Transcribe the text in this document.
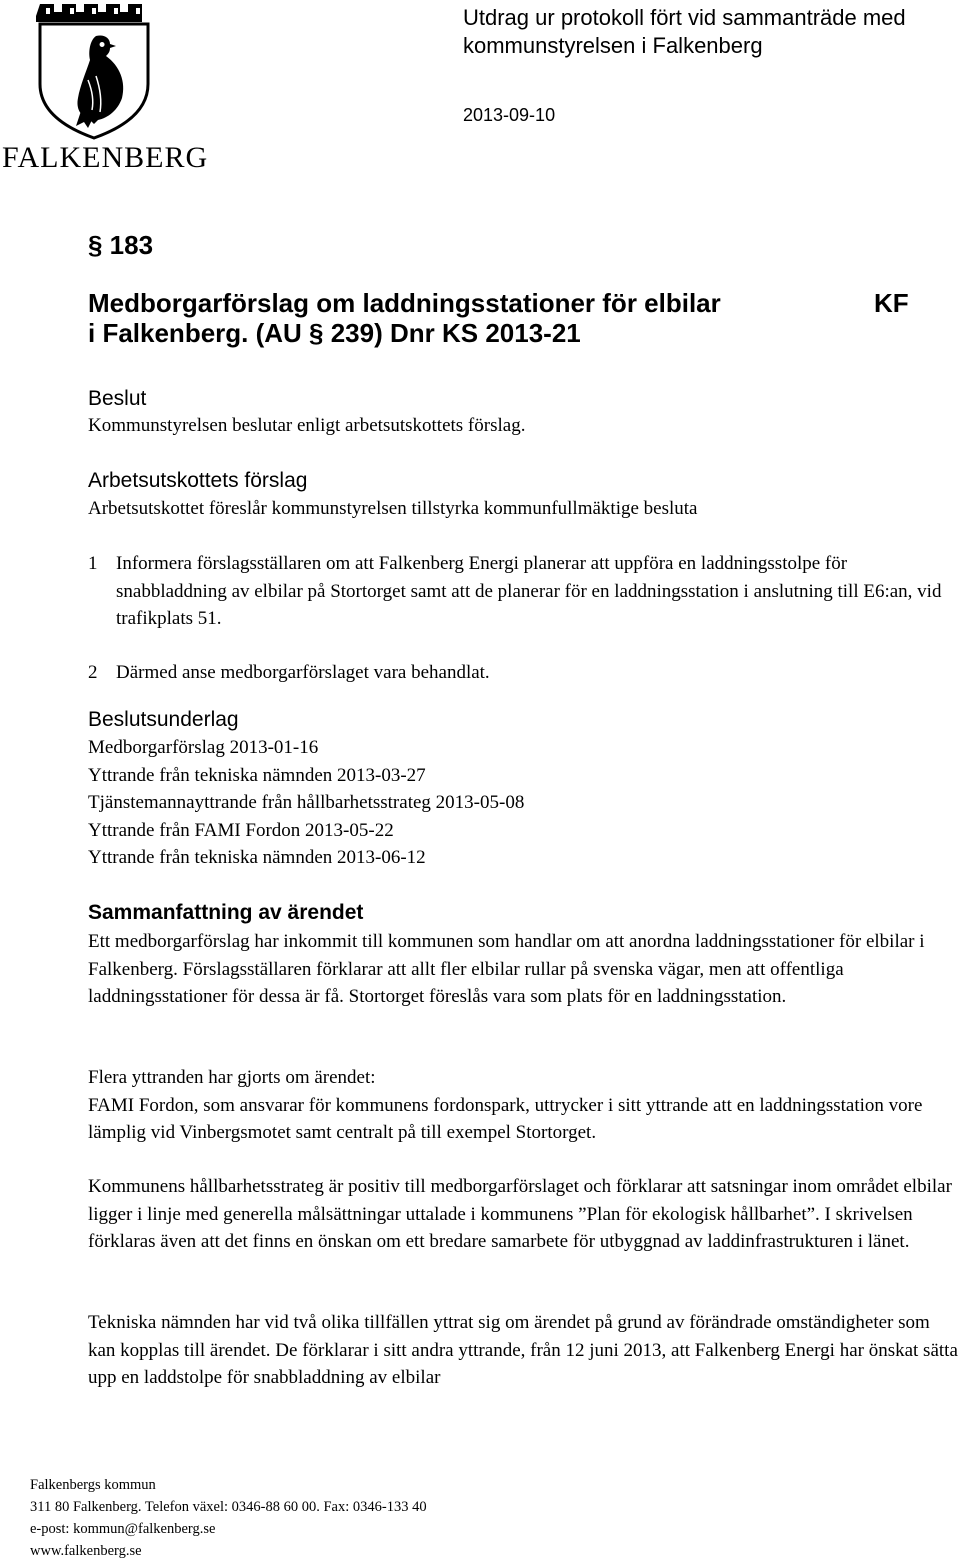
FALKENBERG
Utdrag ur protokoll fört vid sammanträde med kommunstyrelsen i Falkenberg
2013-09-10
§ 183
Medborgarförslag om laddningsstationer för elbilar
i Falkenberg. (AU § 239) Dnr KS 2013-21
KF
Beslut
Kommunstyrelsen beslutar enligt arbetsutskottets förslag.
Arbetsutskottets förslag
Arbetsutskottet föreslår kommunstyrelsen tillstyrka kommunfullmäktige besluta
1 Informera förslagsställaren om att Falkenberg Energi planerar att uppföra en laddningsstolpe för snabbladdning av elbilar på Stortorget samt att de planerar för en laddningsstation i anslutning till E6:an, vid trafikplats 51.
2 Därmed anse medborgarförslaget vara behandlat.
Beslutsunderlag
Medborgarförslag 2013-01-16
Yttrande från tekniska nämnden 2013-03-27
Tjänstemannayttrande från hållbarhetsstrateg 2013-05-08
Yttrande från FAMI Fordon 2013-05-22
Yttrande från tekniska nämnden 2013-06-12
Sammanfattning av ärendet
Ett medborgarförslag har inkommit till kommunen som handlar om att anordna laddningsstationer för elbilar i Falkenberg. Förslagsställaren förklarar att allt fler elbilar rullar på svenska vägar, men att offentliga laddningsstationer för dessa är få. Stortorget föreslås vara som plats för en laddningsstation.
Flera yttranden har gjorts om ärendet:
FAMI Fordon, som ansvarar för kommunens fordonspark, uttrycker i sitt yttrande att en laddningsstation vore lämplig vid Vinbergsmotet samt centralt på till exempel Stortorget.
Kommunens hållbarhetsstrateg är positiv till medborgarförslaget och förklarar att satsningar inom området elbilar ligger i linje med generella målsättningar uttalade i kommunens ”Plan för ekologisk hållbarhet”. I skrivelsen förklaras även att det finns en önskan om ett bredare samarbete för utbyggnad av laddinfrastrukturen i länet.
Tekniska nämnden har vid två olika tillfällen yttrat sig om ärendet på grund av förändrade omständigheter som kan kopplas till ärendet. De förklarar i sitt andra yttrande, från 12 juni 2013, att Falkenberg Energi har önskat sätta upp en laddstolpe för snabbladdning av elbilar
Falkenbergs kommun
311 80 Falkenberg. Telefon växel: 0346-88 60 00. Fax: 0346-133 40
e-post: kommun@falkenberg.se
www.falkenberg.se
